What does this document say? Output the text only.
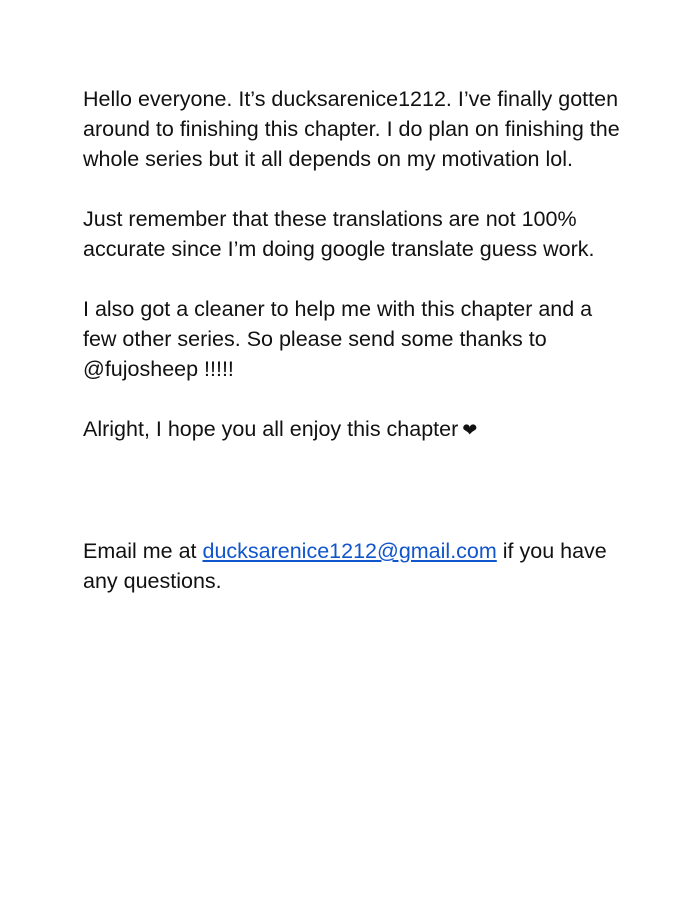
Hello everyone. It’s ducksarenice1212. I’ve finally gotten around to finishing this chapter. I do plan on finishing the whole series but it all depends on my motivation lol.

Just remember that these translations are not 100% accurate since I’m doing google translate guess work.

I also got a cleaner to help me with this chapter and a few other series. So please send some thanks to @fujosheep !!!!!

Alright, I hope you all enjoy this chapter ❤

Email me at ducksarenice1212@gmail.com if you have any questions.
